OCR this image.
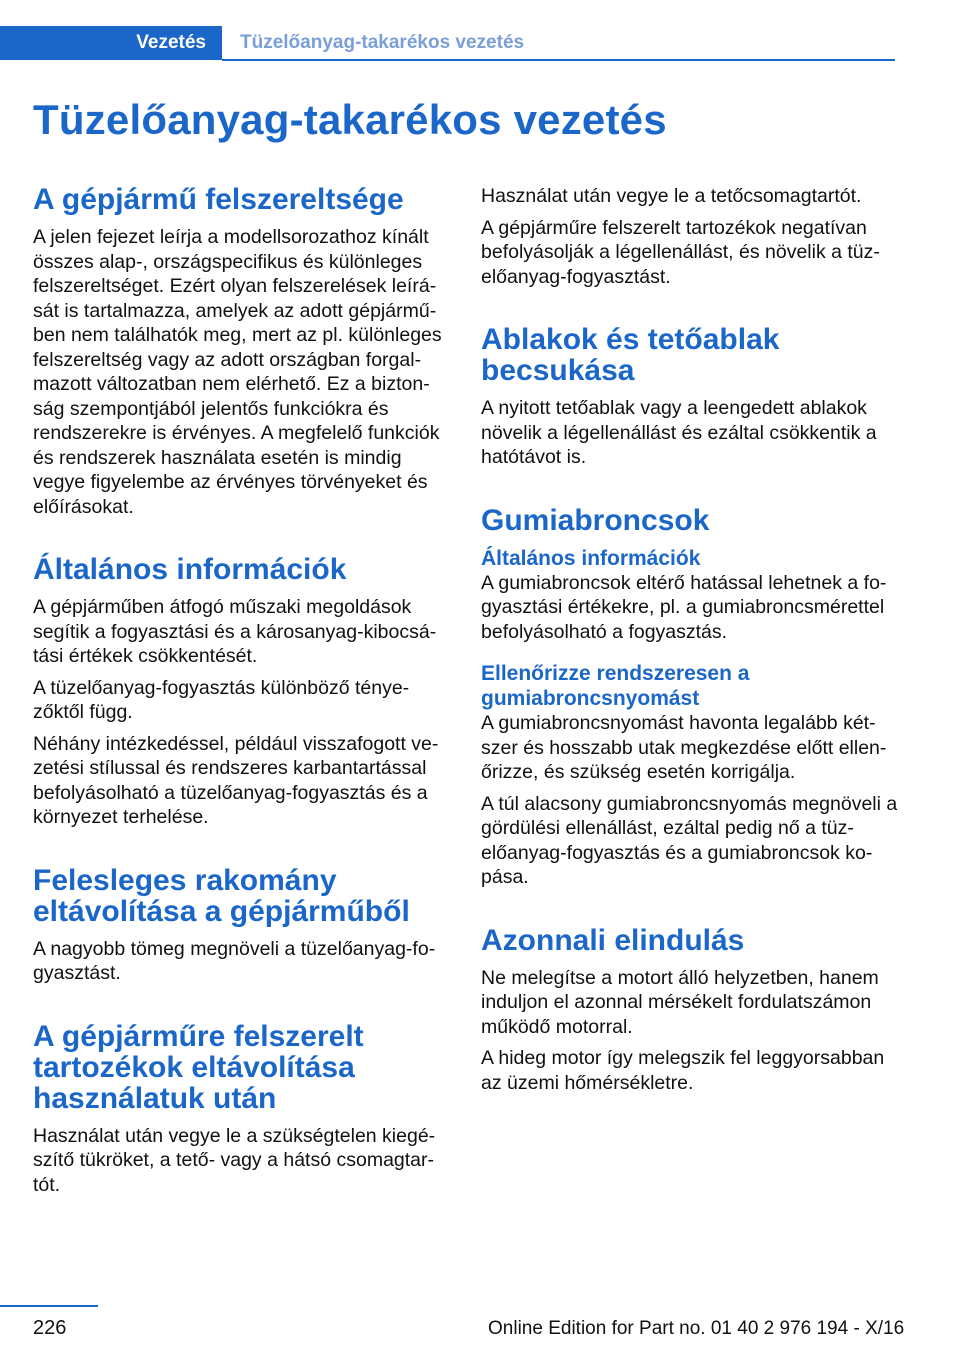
Vezetés	Tüzelőanyag-takarékos vezetés
Tüzelőanyag-takarékos vezetés
A gépjármű felszereltsége

A jelen fejezet leírja a modellsorozathoz kínált összes alap-, országspecifikus és különleges felszereltséget. Ezért olyan felszerelések leírását is tartalmazza, amelyek az adott gépjárműben nem találhatók meg, mert az pl. különleges felszereltség vagy az adott országban forgalmazott változatban nem elérhető. Ez a biztonság szempontjából jelentős funkciókra és rendszerekre is érvényes. A megfelelő funkciók és rendszerek használata esetén is mindig vegye figyelembe az érvényes törvényeket és előírásokat.

Általános információk

A gépjárműben átfogó műszaki megoldások segítik a fogyasztási és a károsanyag-kibocsátási értékek csökkentését.

A tüzelőanyag-fogyasztás különböző tényezőktől függ.

Néhány intézkedéssel, például visszafogott vezetési stílussal és rendszeres karbantartással befolyásolható a tüzelőanyag-fogyasztás és a környezet terhelése.

Felesleges rakomány eltávolítása a gépjárműből

A nagyobb tömeg megnöveli a tüzelőanyag-fogyasztást.

A gépjárműre felszerelt tartozékok eltávolítása használatuk után

Használat után vegye le a szükségtelen kiegészítő tükröket, a tető- vagy a hátsó csomagtartót.

Használat után vegye le a tetőcsomagtartót.

A gépjárműre felszerelt tartozékok negatívan befolyásolják a légellenállást, és növelik a tüzelőanyag-fogyasztást.

Ablakok és tetőablak becsukása

A nyitott tetőablak vagy a leengedett ablakok növelik a légellenállást és ezáltal csökkentik a hatótávot is.

Gumiabroncsok
Általános információk

A gumiabroncsok eltérő hatással lehetnek a fogyasztási értékekre, pl. a gumiabroncsmérettel befolyásolható a fogyasztás.

Ellenőrizze rendszeresen a gumiabroncsnyomást

A gumiabroncsnyomást havonta legalább kétszer és hosszabb utak megkezdése előtt ellenőrizze, és szükség esetén korrigálja.

A túl alacsony gumiabroncsnyomás megnöveli a gördülési ellenállást, ezáltal pedig nő a tüzelőanyag-fogyasztás és a gumiabroncsok kopása.

Azonnali elindulás

Ne melegítse a motort álló helyzetben, hanem induljon el azonnal mérsékelt fordulatszámon működő motorral.

A hideg motor így melegszik fel leggyorsabban az üzemi hőmérsékletre.

226	Online Edition for Part no. 01 40 2 976 194 - X/16
